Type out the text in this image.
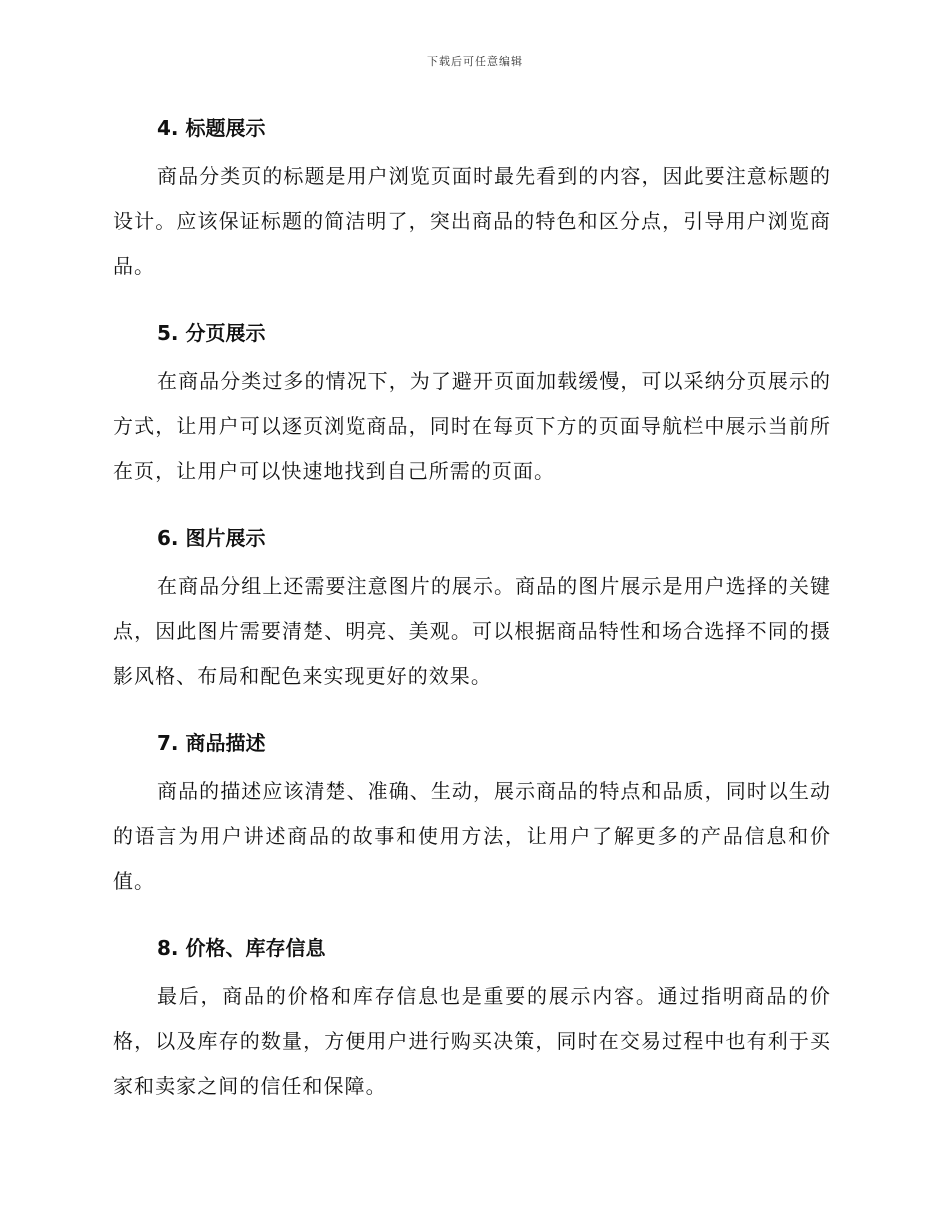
下载后可任意编辑
4. 标题展示

商品分类页的标题是用户浏览页面时最先看到的内容，因此要注意标题的设计。应该保证标题的简洁明了，突出商品的特色和区分点，引导用户浏览商品。

5. 分页展示

在商品分类过多的情况下，为了避开页面加载缓慢，可以采纳分页展示的方式，让用户可以逐页浏览商品，同时在每页下方的页面导航栏中展示当前所在页，让用户可以快速地找到自己所需的页面。

6. 图片展示

在商品分组上还需要注意图片的展示。商品的图片展示是用户选择的关键点，因此图片需要清楚、明亮、美观。可以根据商品特性和场合选择不同的摄影风格、布局和配色来实现更好的效果。

7. 商品描述

商品的描述应该清楚、准确、生动，展示商品的特点和品质，同时以生动的语言为用户讲述商品的故事和使用方法，让用户了解更多的产品信息和价值。

8. 价格、库存信息

最后，商品的价格和库存信息也是重要的展示内容。通过指明商品的价格，以及库存的数量，方便用户进行购买决策，同时在交易过程中也有利于买家和卖家之间的信任和保障。
